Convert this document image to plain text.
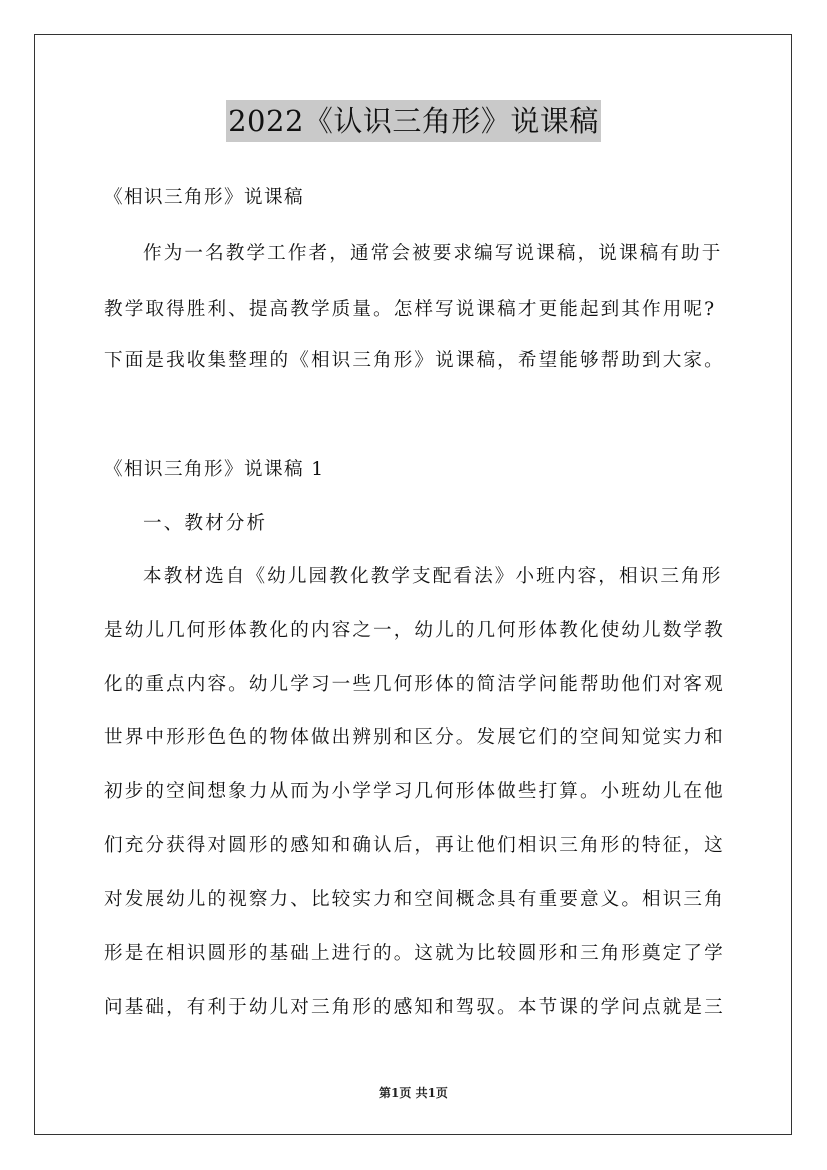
2022《认识三角形》说课稿
《相识三角形》说课稿
作为一名教学工作者，通常会被要求编写说课稿，说课稿有助于
教学取得胜利、提高教学质量。怎样写说课稿才更能起到其作用呢?
下面是我收集整理的《相识三角形》说课稿，希望能够帮助到大家。
《相识三角形》说课稿 1
一、教材分析
本教材选自《幼儿园教化教学支配看法》小班内容，相识三角形
是幼儿几何形体教化的内容之一，幼儿的几何形体教化使幼儿数学教
化的重点内容。幼儿学习一些几何形体的简洁学问能帮助他们对客观
世界中形形色色的物体做出辨别和区分。发展它们的空间知觉实力和
初步的空间想象力从而为小学学习几何形体做些打算。小班幼儿在他
们充分获得对圆形的感知和确认后，再让他们相识三角形的特征，这
对发展幼儿的视察力、比较实力和空间概念具有重要意义。相识三角
形是在相识圆形的基础上进行的。这就为比较圆形和三角形奠定了学
问基础，有利于幼儿对三角形的感知和驾驭。本节课的学问点就是三
第1页 共1页
